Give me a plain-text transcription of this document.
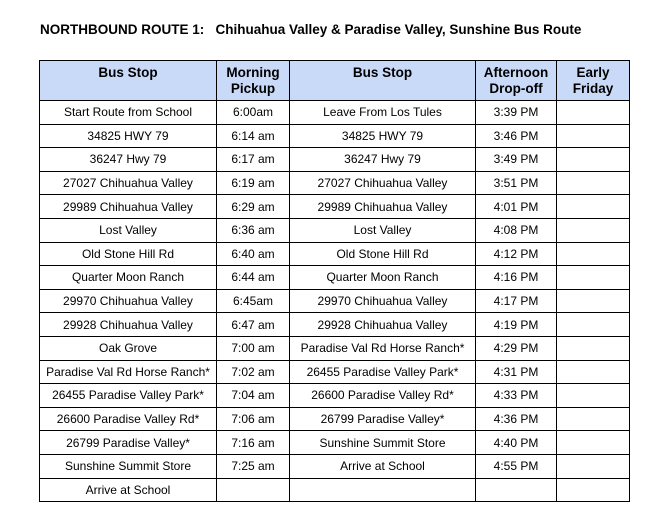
NORTHBOUND ROUTE 1:   Chihuahua Valley & Paradise Valley, Sunshine Bus Route
Bus Stop	Morning Pickup	Bus Stop	Afternoon Drop-off	Early Friday
Start Route from School	6:00am	Leave From Los Tules	3:39 PM	
34825 HWY 79	6:14 am	34825 HWY 79	3:46 PM	
36247 Hwy 79	6:17 am	36247 Hwy 79	3:49 PM	
27027 Chihuahua Valley	6:19 am	27027 Chihuahua Valley	3:51 PM	
29989 Chihuahua Valley	6:29 am	29989 Chihuahua Valley	4:01 PM	
Lost Valley	6:36 am	Lost Valley	4:08 PM	
Old Stone Hill Rd	6:40 am	Old Stone Hill Rd	4:12 PM	
Quarter Moon Ranch	6:44 am	Quarter Moon Ranch	4:16 PM	
29970 Chihuahua Valley	6:45am	29970 Chihuahua Valley	4:17 PM	
29928 Chihuahua Valley	6:47 am	29928 Chihuahua Valley	4:19 PM	
Oak Grove	7:00 am	Paradise Val Rd Horse Ranch*	4:29 PM	
Paradise Val Rd Horse Ranch*	7:02 am	26455 Paradise Valley Park*	4:31 PM	
26455 Paradise Valley Park*	7:04 am	26600 Paradise Valley Rd*	4:33 PM	
26600 Paradise Valley Rd*	7:06 am	26799 Paradise Valley*	4:36 PM	
26799 Paradise Valley*	7:16 am	Sunshine Summit Store	4:40 PM	
Sunshine Summit Store	7:25 am	Arrive at School	4:55 PM	
Arrive at School				
